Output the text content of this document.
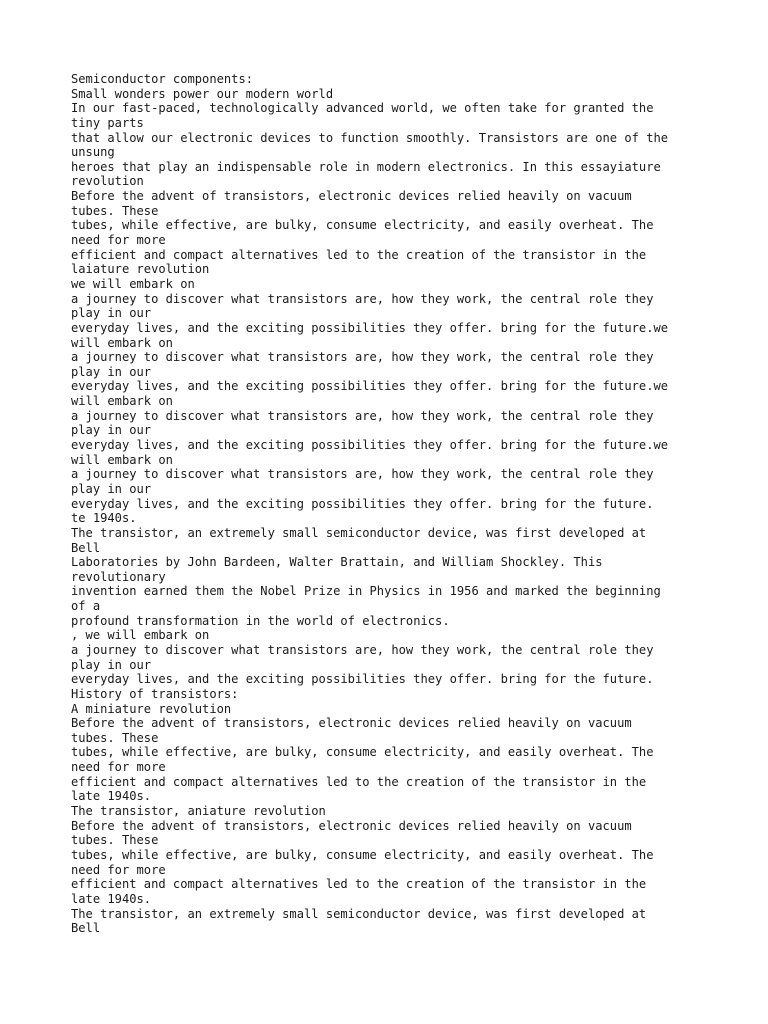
Semiconductor components:
Small wonders power our modern world
In our fast-paced, technologically advanced world, we often take for granted the
tiny parts
that allow our electronic devices to function smoothly. Transistors are one of the
unsung
heroes that play an indispensable role in modern electronics. In this essayiature
revolution
Before the advent of transistors, electronic devices relied heavily on vacuum
tubes. These
tubes, while effective, are bulky, consume electricity, and easily overheat. The
need for more
efficient and compact alternatives led to the creation of the transistor in the
laiature revolution
we will embark on
a journey to discover what transistors are, how they work, the central role they
play in our
everyday lives, and the exciting possibilities they offer. bring for the future.we
will embark on
a journey to discover what transistors are, how they work, the central role they
play in our
everyday lives, and the exciting possibilities they offer. bring for the future.we
will embark on
a journey to discover what transistors are, how they work, the central role they
play in our
everyday lives, and the exciting possibilities they offer. bring for the future.we
will embark on
a journey to discover what transistors are, how they work, the central role they
play in our
everyday lives, and the exciting possibilities they offer. bring for the future.
te 1940s.
The transistor, an extremely small semiconductor device, was first developed at
Bell
Laboratories by John Bardeen, Walter Brattain, and William Shockley. This
revolutionary
invention earned them the Nobel Prize in Physics in 1956 and marked the beginning
of a
profound transformation in the world of electronics.
, we will embark on
a journey to discover what transistors are, how they work, the central role they
play in our
everyday lives, and the exciting possibilities they offer. bring for the future.
History of transistors:
A miniature revolution
Before the advent of transistors, electronic devices relied heavily on vacuum
tubes. These
tubes, while effective, are bulky, consume electricity, and easily overheat. The
need for more
efficient and compact alternatives led to the creation of the transistor in the
late 1940s.
The transistor, aniature revolution
Before the advent of transistors, electronic devices relied heavily on vacuum
tubes. These
tubes, while effective, are bulky, consume electricity, and easily overheat. The
need for more
efficient and compact alternatives led to the creation of the transistor in the
late 1940s.
The transistor, an extremely small semiconductor device, was first developed at
Bell
